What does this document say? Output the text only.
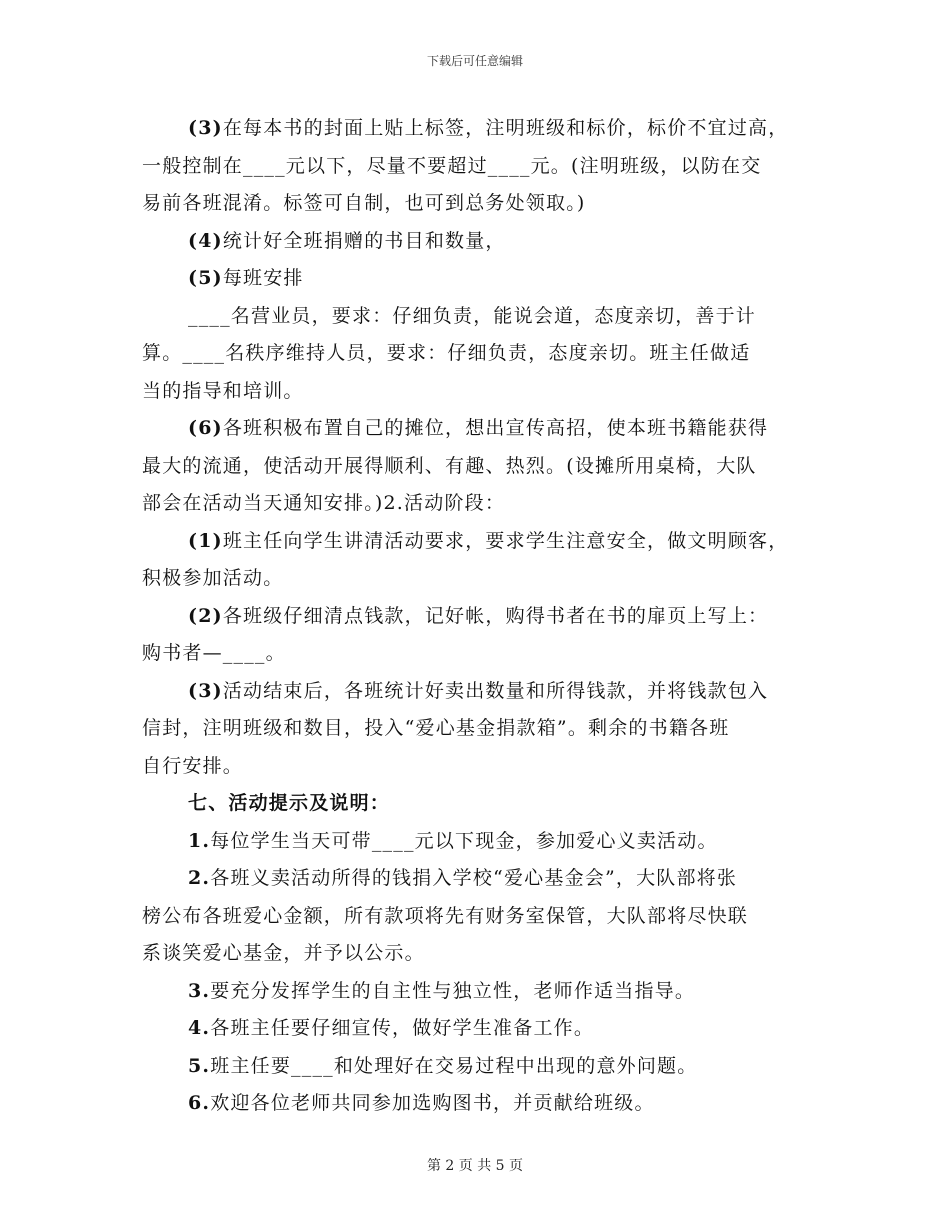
下载后可任意编辑

(3)在每本书的封面上贴上标签，注明班级和标价，标价不宜过高，

一般控制在____元以下，尽量不要超过____元。(注明班级，以防在交

易前各班混淆。标签可自制，也可到总务处领取。)

(4)统计好全班捐赠的书目和数量，

(5)每班安排

____名营业员，要求：仔细负责，能说会道，态度亲切，善于计

算。____名秩序维持人员，要求：仔细负责，态度亲切。班主任做适

当的指导和培训。

(6)各班积极布置自己的摊位，想出宣传高招，使本班书籍能获得

最大的流通，使活动开展得顺利、有趣、热烈。(设摊所用桌椅，大队

部会在活动当天通知安排。)2.活动阶段：

(1)班主任向学生讲清活动要求，要求学生注意安全，做文明顾客，

积极参加活动。

(2)各班级仔细清点钱款，记好帐，购得书者在书的扉页上写上：

购书者—____。

(3)活动结束后，各班统计好卖出数量和所得钱款，并将钱款包入

信封，注明班级和数目，投入“爱心基金捐款箱”。剩余的书籍各班

自行安排。

七、活动提示及说明：

1.每位学生当天可带____元以下现金，参加爱心义卖活动。

2.各班义卖活动所得的钱捐入学校“爱心基金会”，大队部将张

榜公布各班爱心金额，所有款项将先有财务室保管，大队部将尽快联

系谈笑爱心基金，并予以公示。

3.要充分发挥学生的自主性与独立性，老师作适当指导。

4.各班主任要仔细宣传，做好学生准备工作。

5.班主任要____和处理好在交易过程中出现的意外问题。

6.欢迎各位老师共同参加选购图书，并贡献给班级。

第 2 页 共 5 页
